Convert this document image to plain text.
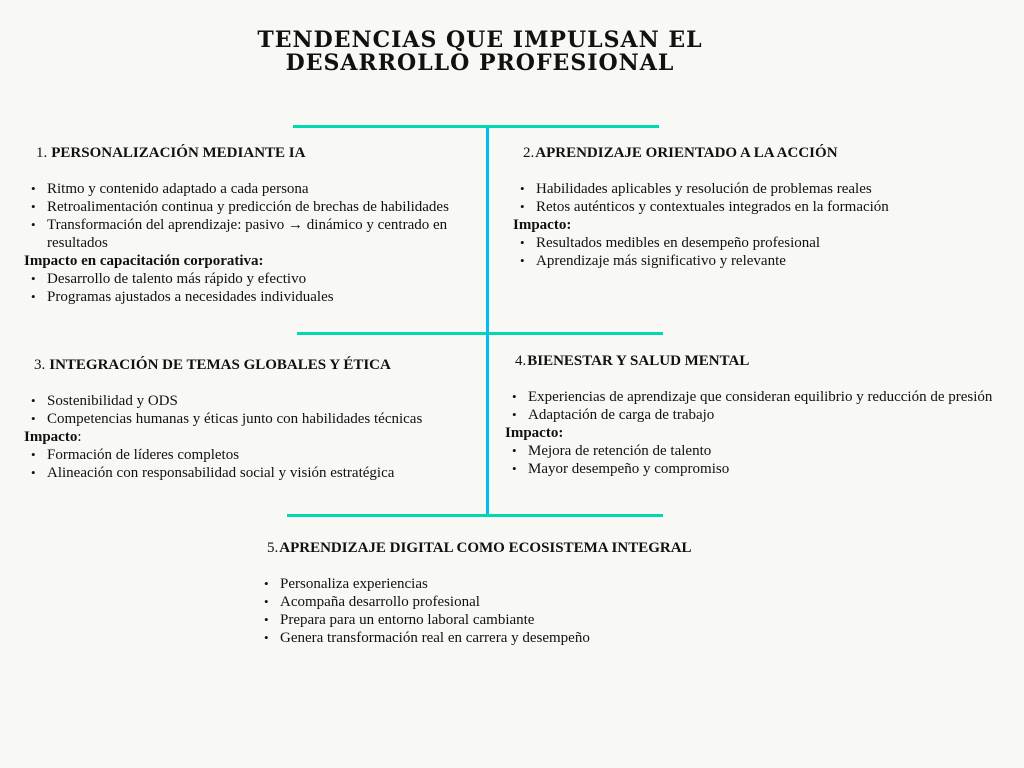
TENDENCIAS QUE IMPULSAN EL
DESARROLLO PROFESIONAL
1. PERSONALIZACIÓN MEDIANTE IA
• Ritmo y contenido adaptado a cada persona
• Retroalimentación continua y predicción de brechas de habilidades
• Transformación del aprendizaje: pasivo → dinámico y centrado en resultados
Impacto en capacitación corporativa:
• Desarrollo de talento más rápido y efectivo
• Programas ajustados a necesidades individuales
2.APRENDIZAJE ORIENTADO A LA ACCIÓN
• Habilidades aplicables y resolución de problemas reales
• Retos auténticos y contextuales integrados en la formación
Impacto:
• Resultados medibles en desempeño profesional
• Aprendizaje más significativo y relevante
3. INTEGRACIÓN DE TEMAS GLOBALES Y ÉTICA
• Sostenibilidad y ODS
• Competencias humanas y éticas junto con habilidades técnicas
Impacto:
• Formación de líderes completos
• Alineación con responsabilidad social y visión estratégica
4.BIENESTAR Y SALUD MENTAL
• Experiencias de aprendizaje que consideran equilibrio y reducción de presión
• Adaptación de carga de trabajo
Impacto:
• Mejora de retención de talento
• Mayor desempeño y compromiso
5.APRENDIZAJE DIGITAL COMO ECOSISTEMA INTEGRAL
• Personaliza experiencias
• Acompaña desarrollo profesional
• Prepara para un entorno laboral cambiante
• Genera transformación real en carrera y desempeño
